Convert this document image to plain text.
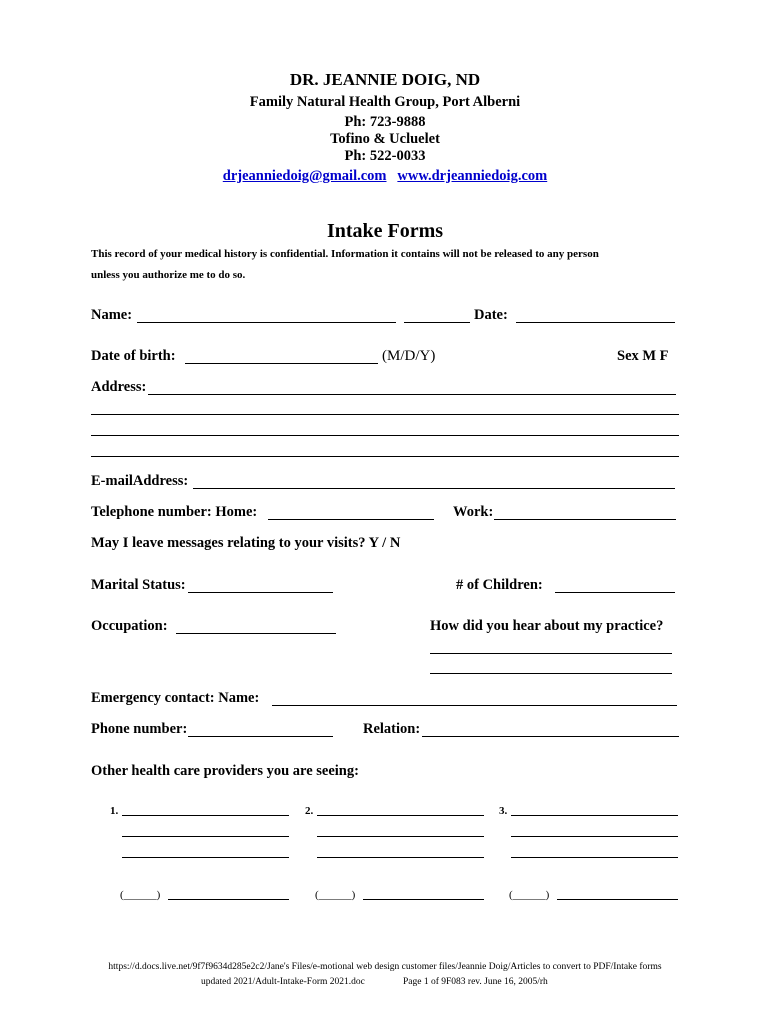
DR. JEANNIE DOIG, ND
Family Natural Health Group, Port Alberni
Ph: 723-9888
Tofino & Ucluelet
Ph: 522-0033
drjeanniedoig@gmail.com www.drjeanniedoig.com
Intake Forms
This record of your medical history is confidential. Information it contains will not be released to any person
unless you authorize me to do so.
Name:	Date:
Date of birth:	(M/D/Y)	Sex M F
Address:
E-mailAddress:
Telephone number: Home:	Work:
May I leave messages relating to your visits? Y / N
Marital Status:	# of Children:
Occupation:	How did you hear about my practice?
Emergency contact: Name:
Phone number:	Relation:
Other health care providers you are seeing:
1.
(______)
2.
(______)
3.
(______)
https://d.docs.live.net/9f7f9634d285e2c2/Jane's Files/e-motional web design customer files/Jeannie Doig/Articles to convert to PDF/Intake forms
updated 2021/Adult-Intake-Form 2021.doc	Page 1 of 9F083 rev. June 16, 2005/rh
